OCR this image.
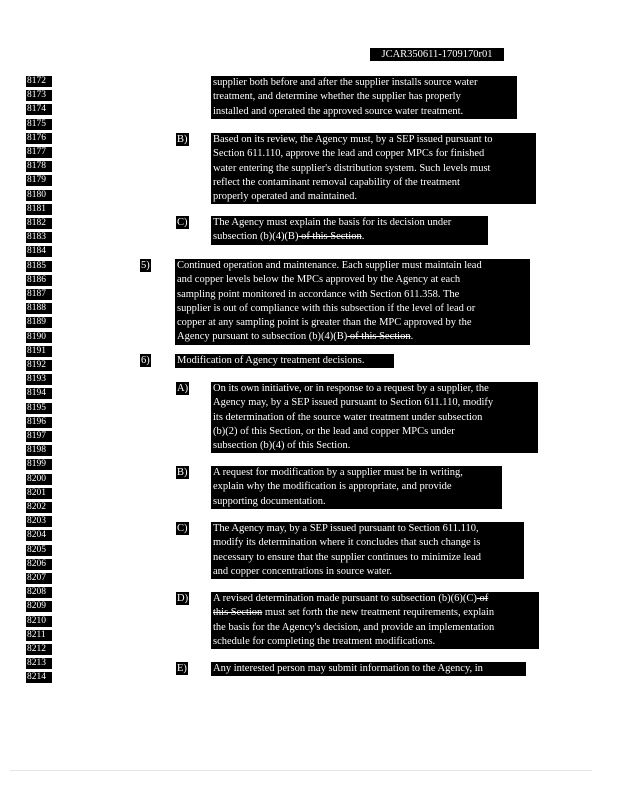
JCAR350611-1709170r01
8172
8173
8174
8175
8176
8177
8178
8179
8180
8181
8182
8183
8184
8185
8186
8187
8188
8189
8190
8191
8192
8193
8194
8195
8196
8197
8198
8199
8200
8201
8202
8203
8204
8205
8206
8207
8208
8209
8210
8211
8212
8213
8214
supplier both before and after the supplier installs source water
treatment, and determine whether the supplier has properly
installed and operated the approved source water treatment.
B) Based on its review, the Agency must, by a SEP issued pursuant to
Section 611.110, approve the lead and copper MPCs for finished
water entering the supplier's distribution system. Such levels must
reflect the contaminant removal capability of the treatment
properly operated and maintained.
C) The Agency must explain the basis for its decision under
subsection (b)(4)(B) of this Section.
5)	Continued operation and maintenance. Each supplier must maintain lead
and copper levels below the MPCs approved by the Agency at each
sampling point monitored in accordance with Section 611.358. The
supplier is out of compliance with this subsection if the level of lead or
copper at any sampling point is greater than the MPC approved by the
Agency pursuant to subsection (b)(4)(B) of this Section.
6)	Modification of Agency treatment decisions.
A) On its own initiative, or in response to a request by a supplier, the
Agency may, by a SEP issued pursuant to Section 611.110, modify
its determination of the source water treatment under subsection
(b)(2) of this Section, or the lead and copper MPCs under
subsection (b)(4) of this Section.
B) A request for modification by a supplier must be in writing,
explain why the modification is appropriate, and provide
supporting documentation.
C) The Agency may, by a SEP issued pursuant to Section 611.110,
modify its determination where it concludes that such change is
necessary to ensure that the supplier continues to minimize lead
and copper concentrations in source water.
D) A revised determination made pursuant to subsection (b)(6)(C) of
this Section must set forth the new treatment requirements, explain
the basis for the Agency's decision, and provide an implementation
schedule for completing the treatment modifications.
E) Any interested person may submit information to the Agency, in
